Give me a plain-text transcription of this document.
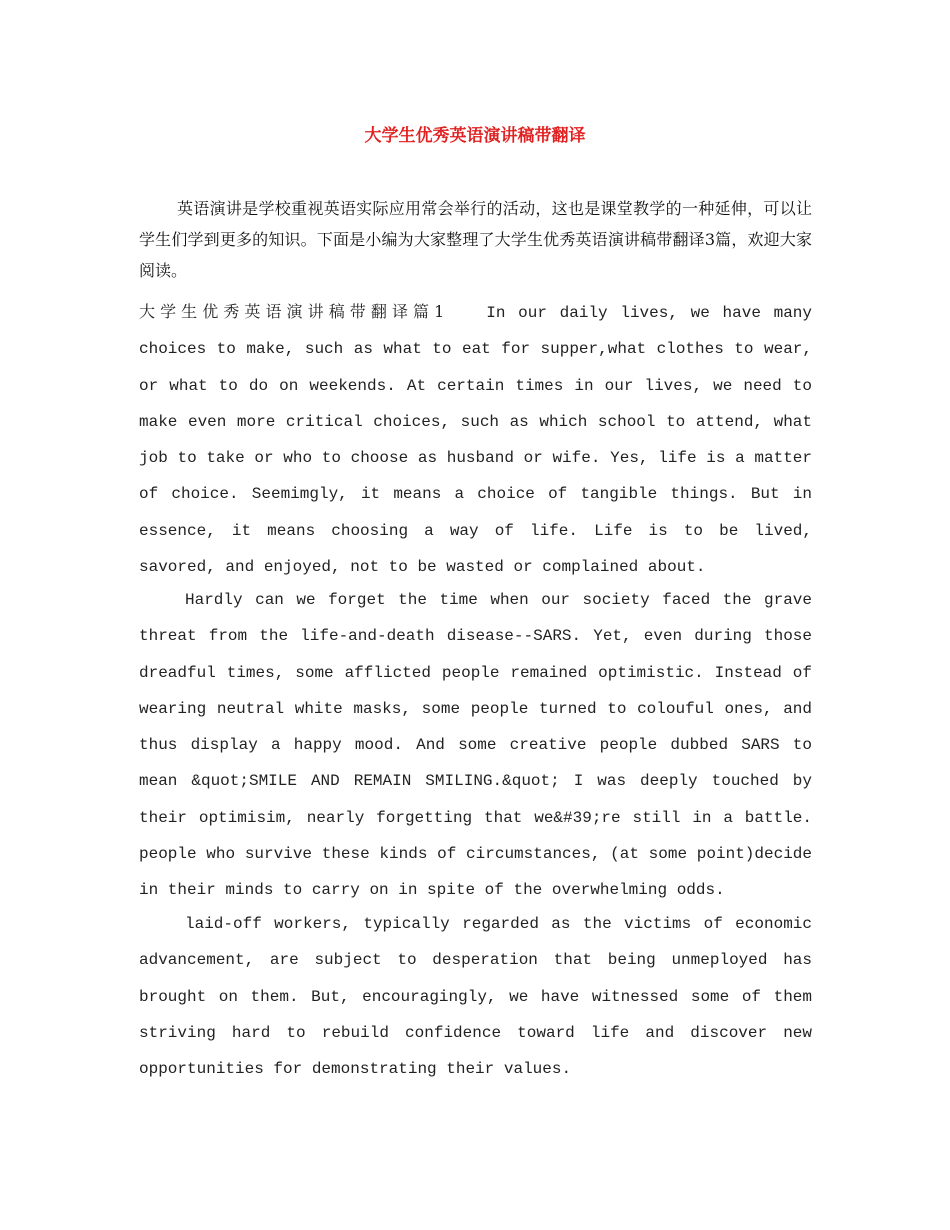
大学生优秀英语演讲稿带翻译

英语演讲是学校重视英语实际应用常会举行的活动，这也是课堂教学的一种延伸，可以让学生们学到更多的知识。下面是小编为大家整理了大学生优秀英语演讲稿带翻译3篇，欢迎大家阅读。

大学生优秀英语演讲稿带翻译篇1	In our daily lives, we have many choices to make, such as what to eat for supper,what clothes to wear, or what to do on weekends. At certain times in our lives, we need to make even more critical choices, such as which school to attend, what job to take or who to choose as husband or wife. Yes, life is a matter of choice. Seemimgly, it means a choice of tangible things. But in essence, it means choosing a way of life. Life is to be lived, savored, and enjoyed, not to be wasted or complained about.

Hardly can we forget the time when our society faced the grave threat from the life-and-death disease--SARS. Yet, even during those dreadful times, some afflicted people remained optimistic. Instead of wearing neutral white masks, some people turned to colouful ones, and thus display a happy mood. And some creative people dubbed SARS to mean &quot;SMILE AND REMAIN SMILING.&quot; I was deeply touched by their optimisim, nearly forgetting that we&#39;re still in a battle. people who survive these kinds of circumstances, (at some point)decide in their minds to carry on in spite of the overwhelming odds.

laid-off workers, typically regarded as the victims of economic advancement, are subject to desperation that being unmeployed has brought on them. But, encouragingly, we have witnessed some of them striving hard to rebuild confidence toward life and discover new opportunities for demonstrating their values.
